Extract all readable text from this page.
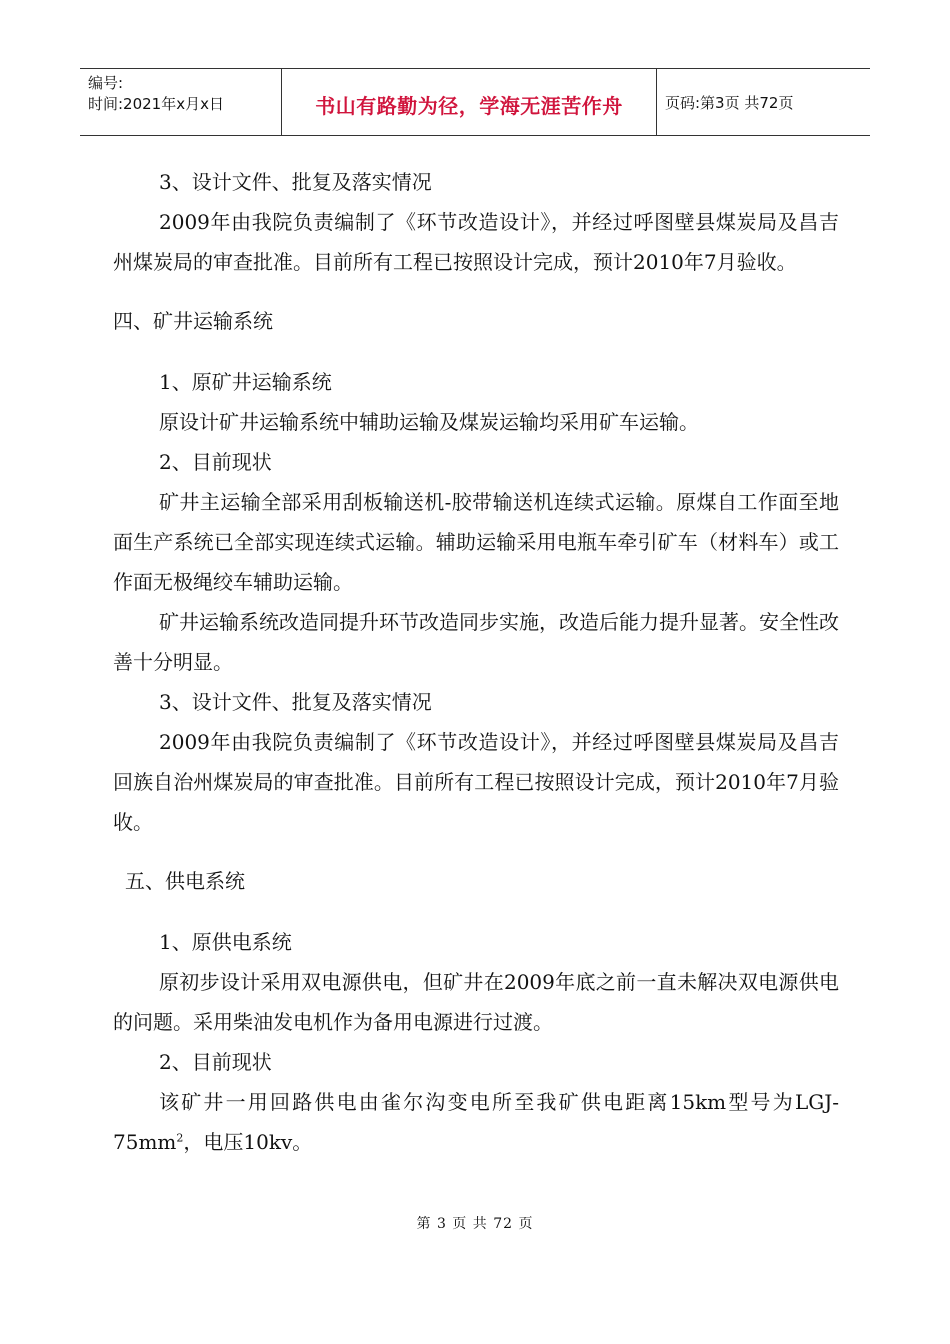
编号:
时间:2021年x月x日	书山有路勤为径，学海无涯苦作舟	页码:第3页 共72页

3、设计文件、批复及落实情况

2009年由我院负责编制了《环节改造设计》，并经过呼图壁县煤炭局及昌吉州煤炭局的审查批准。目前所有工程已按照设计完成，预计2010年7月验收。

四、矿井运输系统

1、原矿井运输系统

原设计矿井运输系统中辅助运输及煤炭运输均采用矿车运输。

2、目前现状

矿井主运输全部采用刮板输送机-胶带输送机连续式运输。原煤自工作面至地面生产系统已全部实现连续式运输。辅助运输采用电瓶车牵引矿车（材料车）或工作面无极绳绞车辅助运输。

矿井运输系统改造同提升环节改造同步实施，改造后能力提升显著。安全性改善十分明显。

3、设计文件、批复及落实情况

2009年由我院负责编制了《环节改造设计》，并经过呼图壁县煤炭局及昌吉回族自治州煤炭局的审查批准。目前所有工程已按照设计完成，预计2010年7月验收。

五、供电系统

1、原供电系统

原初步设计采用双电源供电，但矿井在2009年底之前一直未解决双电源供电的问题。采用柴油发电机作为备用电源进行过渡。

2、目前现状

该矿井一用回路供电由雀尔沟变电所至我矿供电距离15km型号为LGJ-$75mm^2$，电压10kv。

第 3 页 共 72 页
